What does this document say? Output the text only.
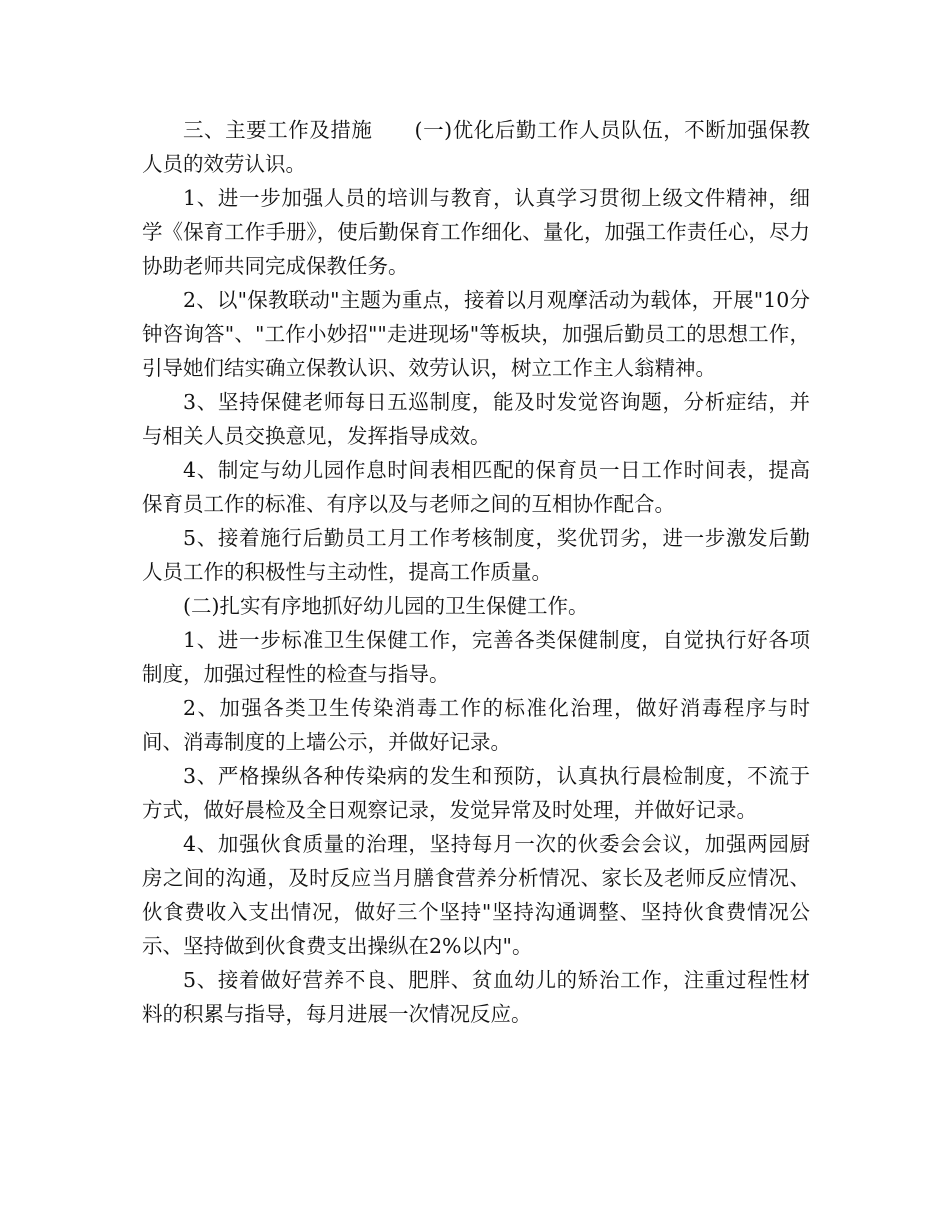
三、主要工作及措施　　(一)优化后勤工作人员队伍，不断加强保教人员的效劳认识。

1、进一步加强人员的培训与教育，认真学习贯彻上级文件精神，细学《保育工作手册》，使后勤保育工作细化、量化，加强工作责任心，尽力协助老师共同完成保教任务。

2、以"保教联动"主题为重点，接着以月观摩活动为载体，开展"10分钟咨询答"、"工作小妙招""走进现场"等板块，加强后勤员工的思想工作，引导她们结实确立保教认识、效劳认识，树立工作主人翁精神。

3、坚持保健老师每日五巡制度，能及时发觉咨询题，分析症结，并与相关人员交换意见，发挥指导成效。

4、制定与幼儿园作息时间表相匹配的保育员一日工作时间表，提高保育员工作的标准、有序以及与老师之间的互相协作配合。

5、接着施行后勤员工月工作考核制度，奖优罚劣，进一步激发后勤人员工作的积极性与主动性，提高工作质量。

(二)扎实有序地抓好幼儿园的卫生保健工作。

1、进一步标准卫生保健工作，完善各类保健制度，自觉执行好各项制度，加强过程性的检查与指导。

2、加强各类卫生传染消毒工作的标准化治理，做好消毒程序与时间、消毒制度的上墙公示，并做好记录。

3、严格操纵各种传染病的发生和预防，认真执行晨检制度，不流于方式，做好晨检及全日观察记录，发觉异常及时处理，并做好记录。

4、加强伙食质量的治理，坚持每月一次的伙委会会议，加强两园厨房之间的沟通，及时反应当月膳食营养分析情况、家长及老师反应情况、伙食费收入支出情况，做好三个坚持"坚持沟通调整、坚持伙食费情况公示、坚持做到伙食费支出操纵在2%以内"。

5、接着做好营养不良、肥胖、贫血幼儿的矫治工作，注重过程性材料的积累与指导，每月进展一次情况反应。
